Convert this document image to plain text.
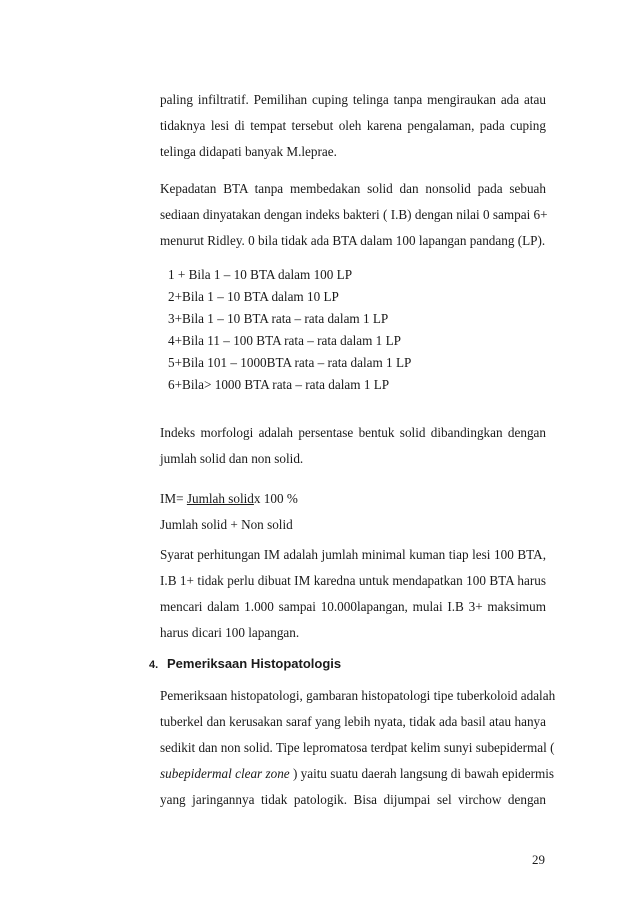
paling infiltratif. Pemilihan cuping telinga tanpa mengiraukan ada atau
tidaknya lesi di tempat tersebut oleh karena pengalaman, pada cuping
telinga didapati banyak M.leprae.
Kepadatan BTA tanpa membedakan solid dan nonsolid pada sebuah
sediaan dinyatakan dengan indeks bakteri ( I.B) dengan nilai 0 sampai 6+
menurut Ridley. 0 bila tidak ada BTA dalam 100 lapangan pandang (LP).
1 + Bila 1 – 10 BTA dalam 100 LP
2+Bila 1 – 10 BTA dalam 10 LP
3+Bila 1 – 10 BTA rata – rata dalam 1 LP
4+Bila 11 – 100 BTA rata – rata dalam 1 LP
5+Bila 101 – 1000BTA rata – rata dalam 1 LP
6+Bila> 1000 BTA rata – rata dalam 1 LP
Indeks morfologi adalah persentase bentuk solid dibandingkan dengan
jumlah solid dan non solid.
IM= Jumlah solidx 100 %
Jumlah solid + Non solid
Syarat perhitungan IM adalah jumlah minimal kuman tiap lesi 100 BTA,
I.B 1+ tidak perlu dibuat IM karedna untuk mendapatkan 100 BTA harus
mencari dalam 1.000 sampai 10.000lapangan, mulai I.B 3+ maksimum
harus dicari 100 lapangan.
4. Pemeriksaan Histopatologis
Pemeriksaan histopatologi, gambaran histopatologi tipe tuberkoloid adalah
tuberkel dan kerusakan saraf yang lebih nyata, tidak ada basil atau hanya
sedikit dan non solid. Tipe lepromatosa terdpat kelim sunyi subepidermal (
subepidermal clear zone ) yaitu suatu daerah langsung di bawah epidermis
yang jaringannya tidak patologik. Bisa dijumpai sel virchow dengan
29
